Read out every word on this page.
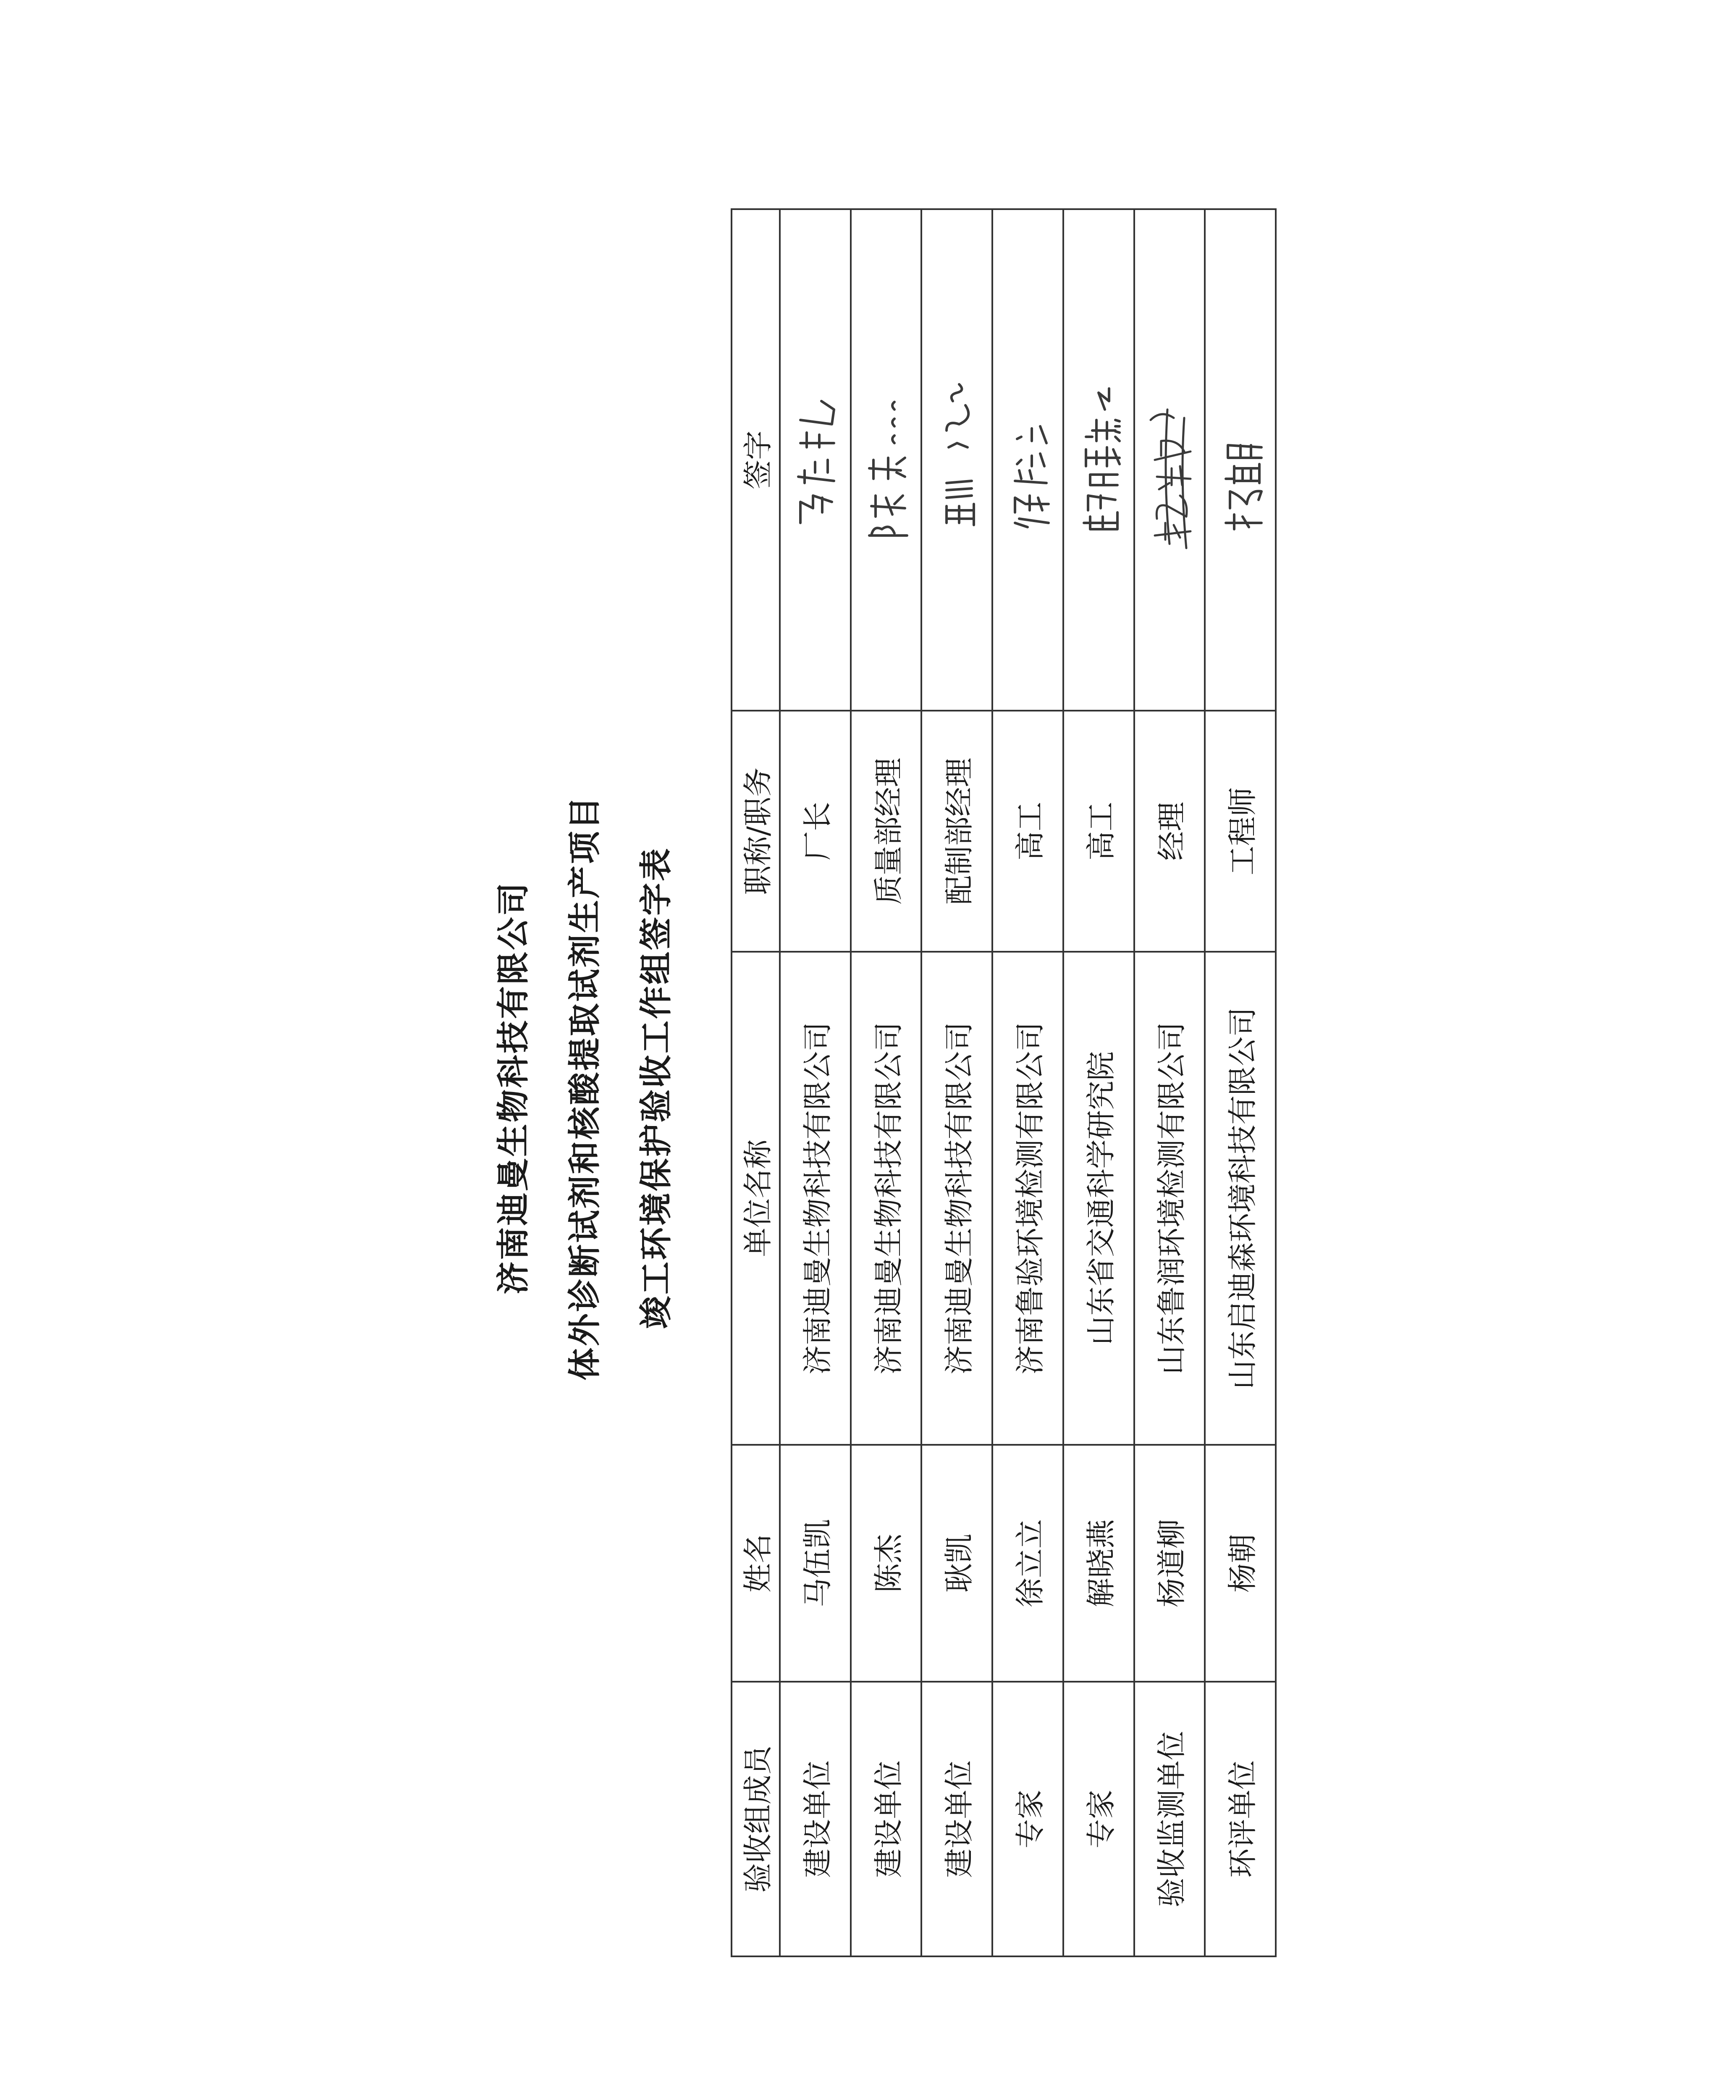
济南迪曼生物科技有限公司 体外诊断试剂和核酸提取试剂生产项目 竣工环境保护验收工作组签字表
验收组成员	姓名	单位名称	职称/职务	签字
建设单位	马伍凯	济南迪曼生物科技有限公司	厂长	

建设单位	陈杰	济南迪曼生物科技有限公司	质量部经理	

建设单位	耿凯	济南迪曼生物科技有限公司	配制部经理	

专家	徐立立	济南鲁验环境检测有限公司	高工	

专家	解晓燕	山东省交通科学研究院	高工	

验收监测单位	杨道柳	山东鲁润环境检测有限公司	经理	

环评单位	杨朝	山东启迪森环境科技有限公司	工程师	
